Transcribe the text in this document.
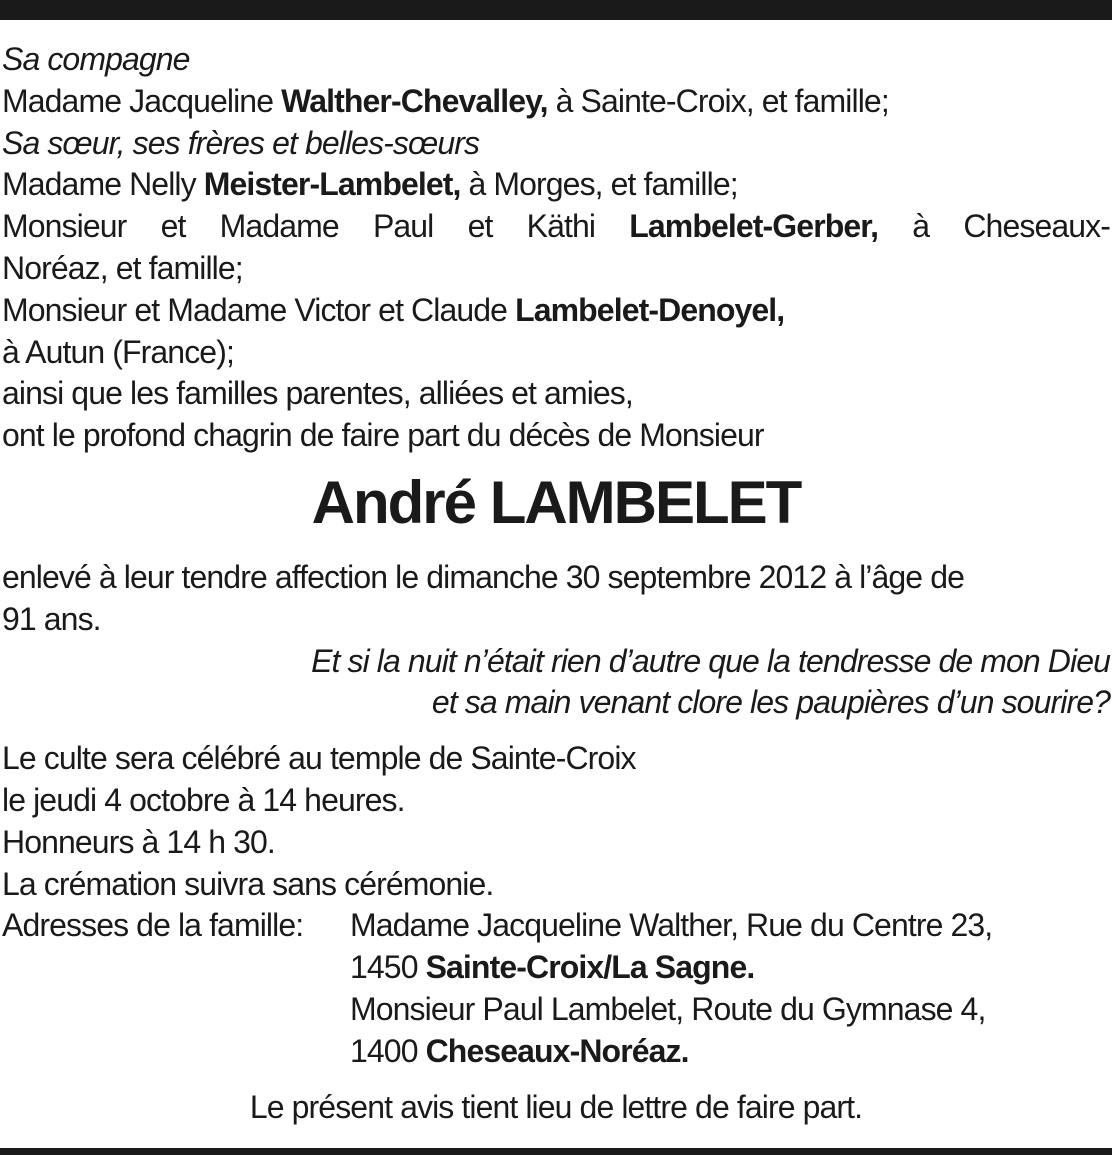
Sa compagne
Madame Jacqueline Walther-Chevalley, à Sainte-Croix, et famille;
Sa sœur, ses frères et belles-sœurs
Madame Nelly Meister-Lambelet, à Morges, et famille;
Monsieur et Madame Paul et Käthi Lambelet-Gerber, à Cheseaux-
Noréaz, et famille;
Monsieur et Madame Victor et Claude Lambelet-Denoyel,
à Autun (France);
ainsi que les familles parentes, alliées et amies,
ont le profond chagrin de faire part du décès de Monsieur
André LAMBELET
enlevé à leur tendre affection le dimanche 30 septembre 2012 à l’âge de
91 ans.
Et si la nuit n’était rien d’autre que la tendresse de mon Dieu
et sa main venant clore les paupières d’un sourire?
Le culte sera célébré au temple de Sainte-Croix
le jeudi 4 octobre à 14 heures.
Honneurs à 14 h 30.
La crémation suivra sans cérémonie.
Adresses de la famille:	Madame Jacqueline Walther, Rue du Centre 23,
1450 Sainte-Croix/La Sagne.
Monsieur Paul Lambelet, Route du Gymnase 4,
1400 Cheseaux-Noréaz.
Le présent avis tient lieu de lettre de faire part.
